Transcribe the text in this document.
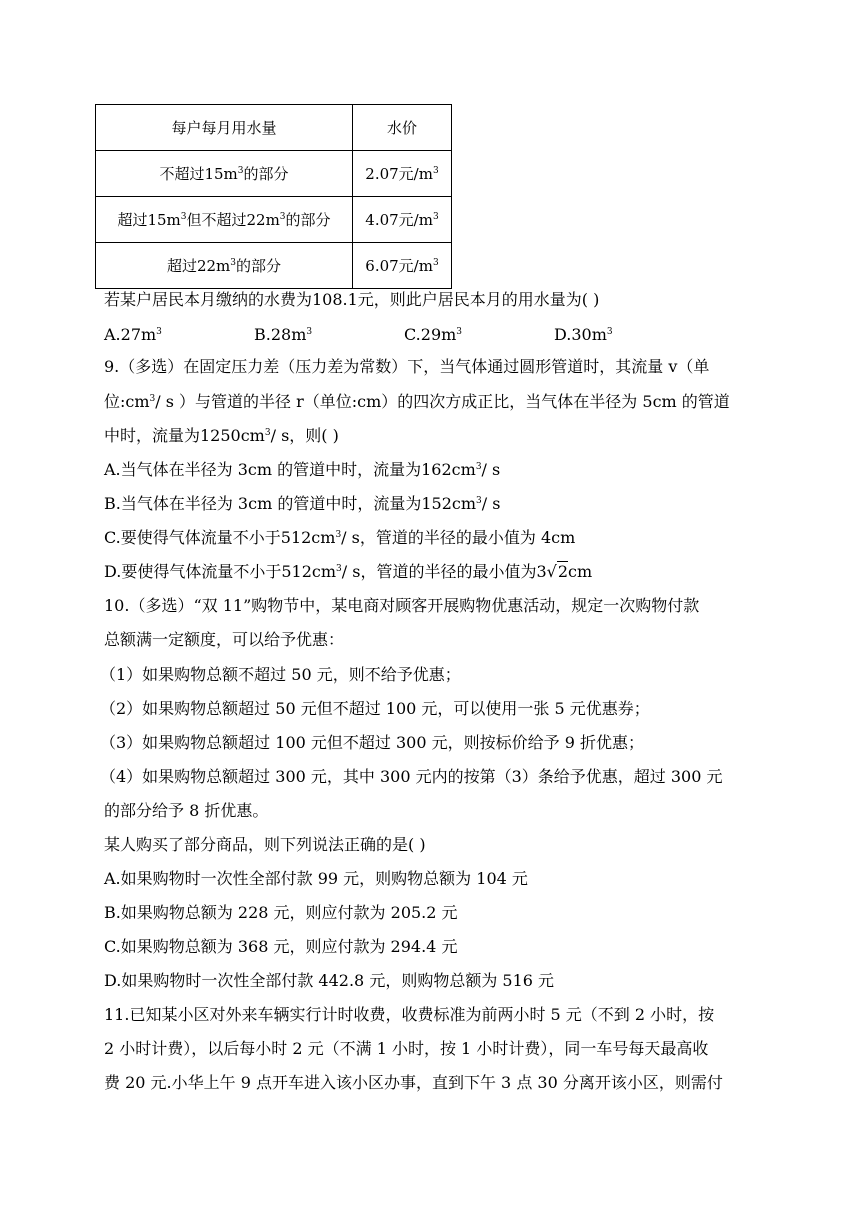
每户每月用水量	水价
不超过$15m^3$的部分	2.07元$/m^3$
超过$15m^3$但不超过$22m^3$的部分	4.07元$/m^3$
超过$22m^3$的部分	6.07元$/m^3$
若某户居民本月缴纳的水费为108.1元，则此户居民本月的用水量为( )
$A.27m^3$	$B.28m^3$	$C.29m^3$	$D.30m^3$
9.（多选）在固定压力差（压力差为常数）下，当气体通过圆形管道时，其流量 v（单
位$:cm^3/$ s ）与管道的半径 r（单位:cm）的四次方成正比，当气体在半径为 5cm 的管道
中时，流量为$1250cm^3/$ s，则( )
A.当气体在半径为 3cm 的管道中时，流量为$162cm^3/$ s
B.当气体在半径为 3cm 的管道中时，流量为$152cm^3/$ s
C.要使得气体流量不小于$512cm^3/$ s，管道的半径的最小值为 4cm
D.要使得气体流量不小于$512cm^3/$ s，管道的半径的最小值为3√2cm
10.（多选）“双 11”购物节中，某电商对顾客开展购物优惠活动，规定一次购物付款
总额满一定额度，可以给予优惠：
（1）如果购物总额不超过 50 元，则不给予优惠；
（2）如果购物总额超过 50 元但不超过 100 元，可以使用一张 5 元优惠券；
（3）如果购物总额超过 100 元但不超过 300 元，则按标价给予 9 折优惠；
（4）如果购物总额超过 300 元，其中 300 元内的按第（3）条给予优惠，超过 300 元
的部分给予 8 折优惠。
某人购买了部分商品，则下列说法正确的是( )
A.如果购物时一次性全部付款 99 元，则购物总额为 104 元
B.如果购物总额为 228 元，则应付款为 205.2 元
C.如果购物总额为 368 元，则应付款为 294.4 元
D.如果购物时一次性全部付款 442.8 元，则购物总额为 516 元
11.已知某小区对外来车辆实行计时收费，收费标准为前两小时 5 元（不到 2 小时，按
2 小时计费），以后每小时 2 元（不满 1 小时，按 1 小时计费），同一车号每天最高收
费 20 元.小华上午 9 点开车进入该小区办事，直到下午 3 点 30 分离开该小区，则需付
